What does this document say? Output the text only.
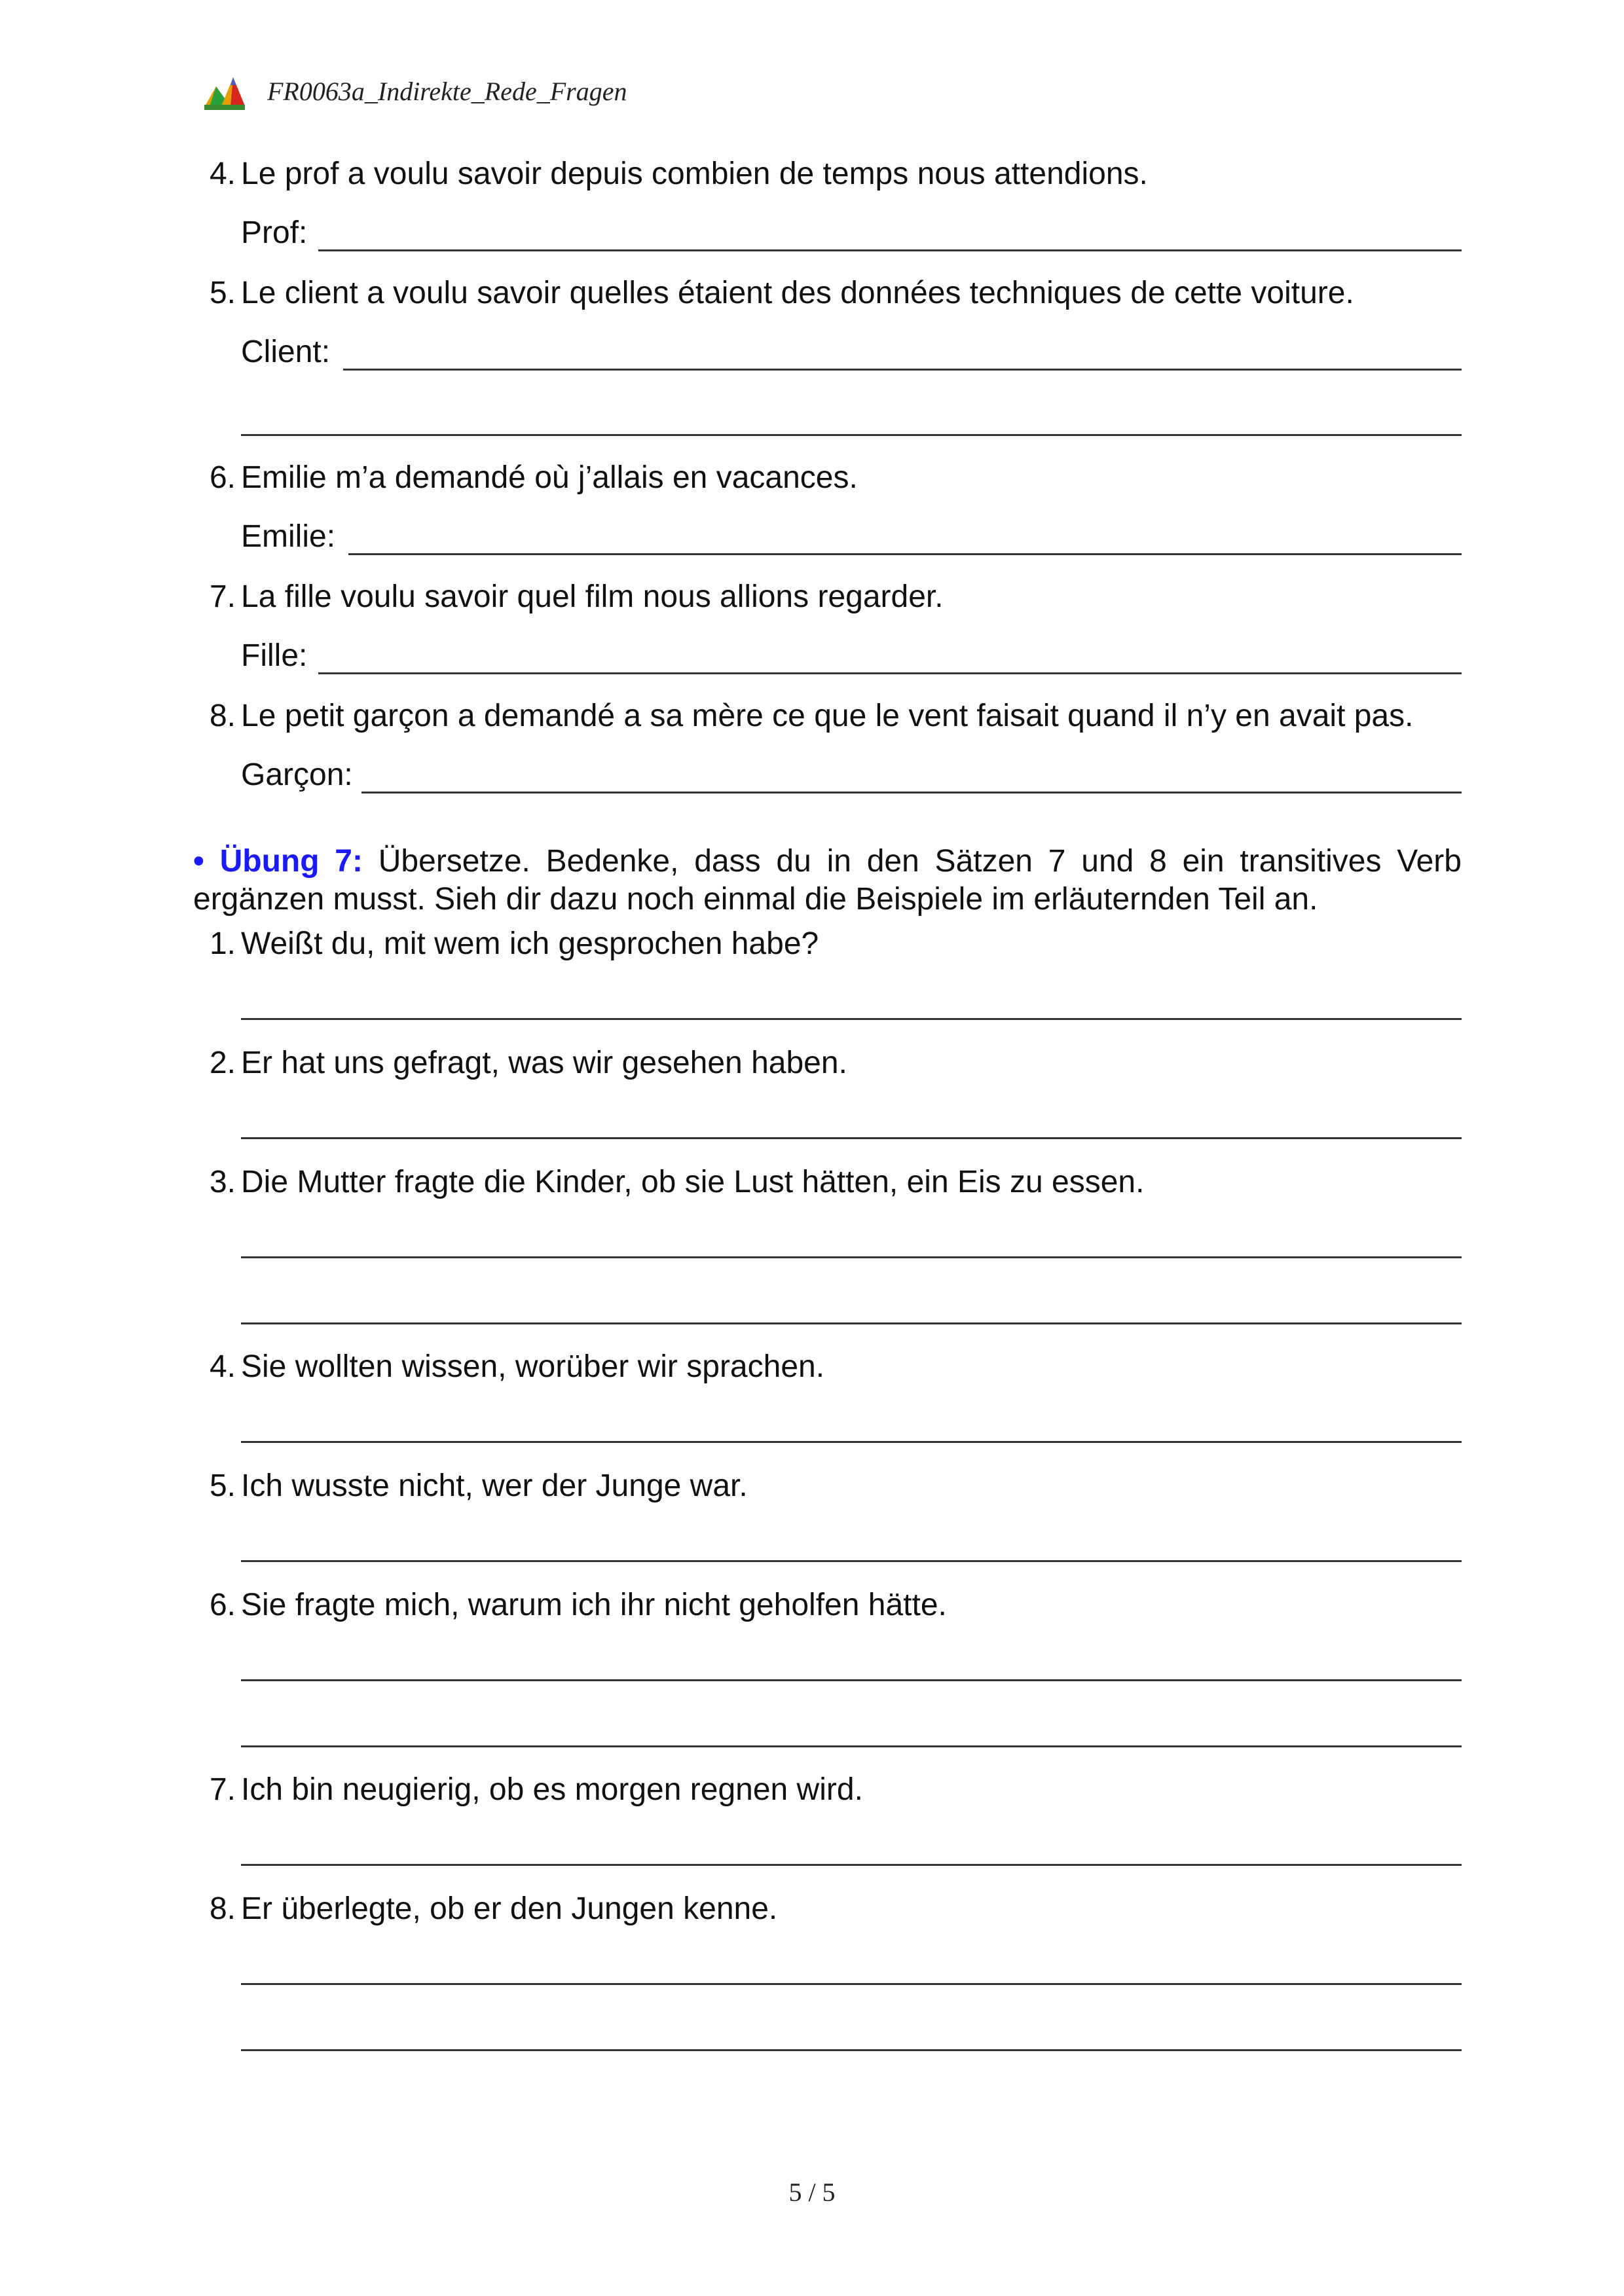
FR0063a_Indirekte_Rede_Fragen
4. Le prof a voulu savoir depuis combien de temps nous attendions.
Prof:
5. Le client a voulu savoir quelles étaient des données techniques de cette voiture.
Client:
6. Emilie m’a demandé où j’allais en vacances.
Emilie:
7. La fille voulu savoir quel film nous allions regarder.
Fille:
8. Le petit garçon a demandé a sa mère ce que le vent faisait quand il n’y en avait pas.
Garçon:
• Übung 7: Übersetze. Bedenke, dass du in den Sätzen 7 und 8 ein transitives Verb ergänzen musst. Sieh dir dazu noch einmal die Beispiele im erläuternden Teil an.
1. Weißt du, mit wem ich gesprochen habe?
2. Er hat uns gefragt, was wir gesehen haben.
3. Die Mutter fragte die Kinder, ob sie Lust hätten, ein Eis zu essen.
4. Sie wollten wissen, worüber wir sprachen.
5. Ich wusste nicht, wer der Junge war.
6. Sie fragte mich, warum ich ihr nicht geholfen hätte.
7. Ich bin neugierig, ob es morgen regnen wird.
8. Er überlegte, ob er den Jungen kenne.
5 / 5
